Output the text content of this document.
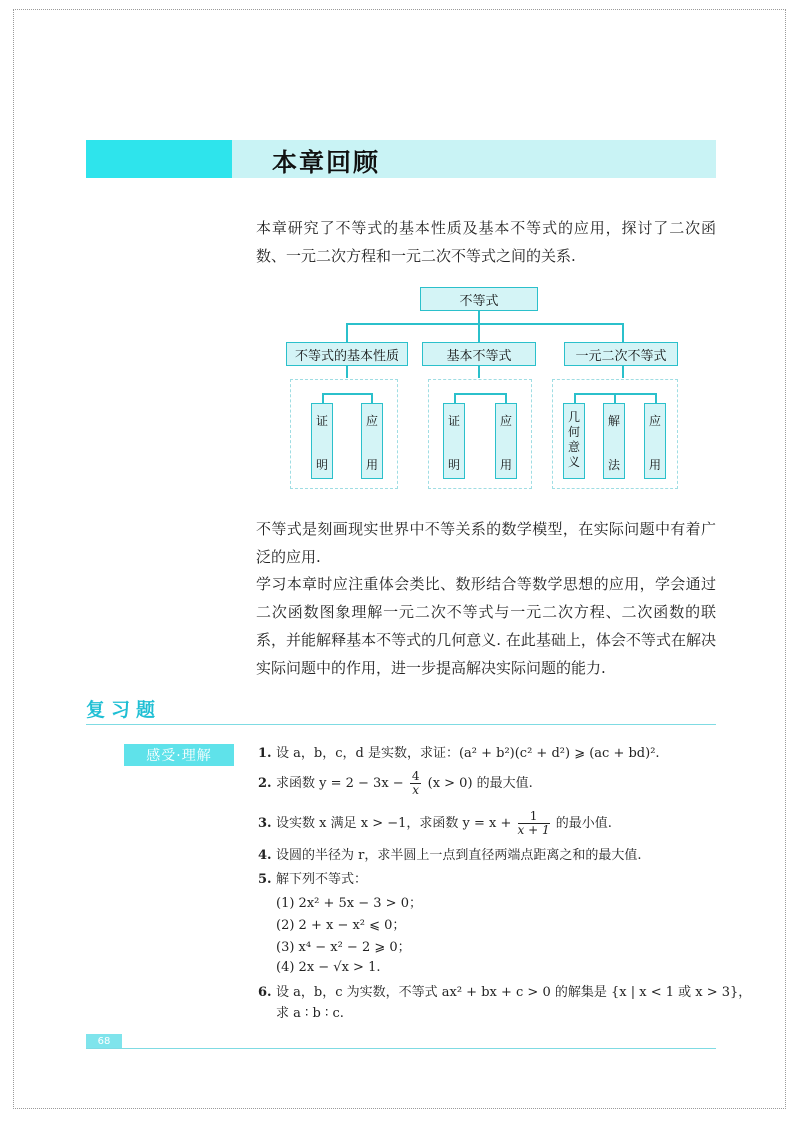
本章回顾
本章研究了不等式的基本性质及基本不等式的应用，探讨了二次函数、一元二次方程和一元二次不等式之间的关系.
不等式
不等式的基本性质	基本不等式	一元二次不等式
证
明
应
用
证
明
应
用
几
何
意
义
解
法
应
用
不等式是刻画现实世界中不等关系的数学模型，在实际问题中有着广泛的应用.
学习本章时应注重体会类比、数形结合等数学思想的应用，学会通过二次函数图象理解一元二次不等式与一元二次方程、二次函数的联系，并能解释基本不等式的几何意义. 在此基础上，体会不等式在解决实际问题中的作用，进一步提高解决实际问题的能力.
复习题
感受·理解	1. 设 a，b，c，d 是实数，求证：(a² + b²)(c² + d²) ⩾ (ac + bd)².
2. 求函数 $y = 2 - 3x - \frac{4}{x} (x > 0)$ 的最大值.
3. 设实数 x 满足 x > −1，求函数 $y = x + \frac{1}{x + 1}$ 的最小值.
4. 设圆的半径为 r，求半圆上一点到直径两端点距离之和的最大值.
5. 解下列不等式：
(1) 2x² + 5x − 3 > 0；
(2) 2 + x − x² ⩽ 0；
(3) x⁴ − x² − 2 ⩾ 0；
(4) 2x − √x > 1.
6. 设 a，b，c 为实数，不等式 ax² + bx + c > 0 的解集是 {x | x < 1 或 x > 3}，
求 a ∶ b ∶ c.
68
